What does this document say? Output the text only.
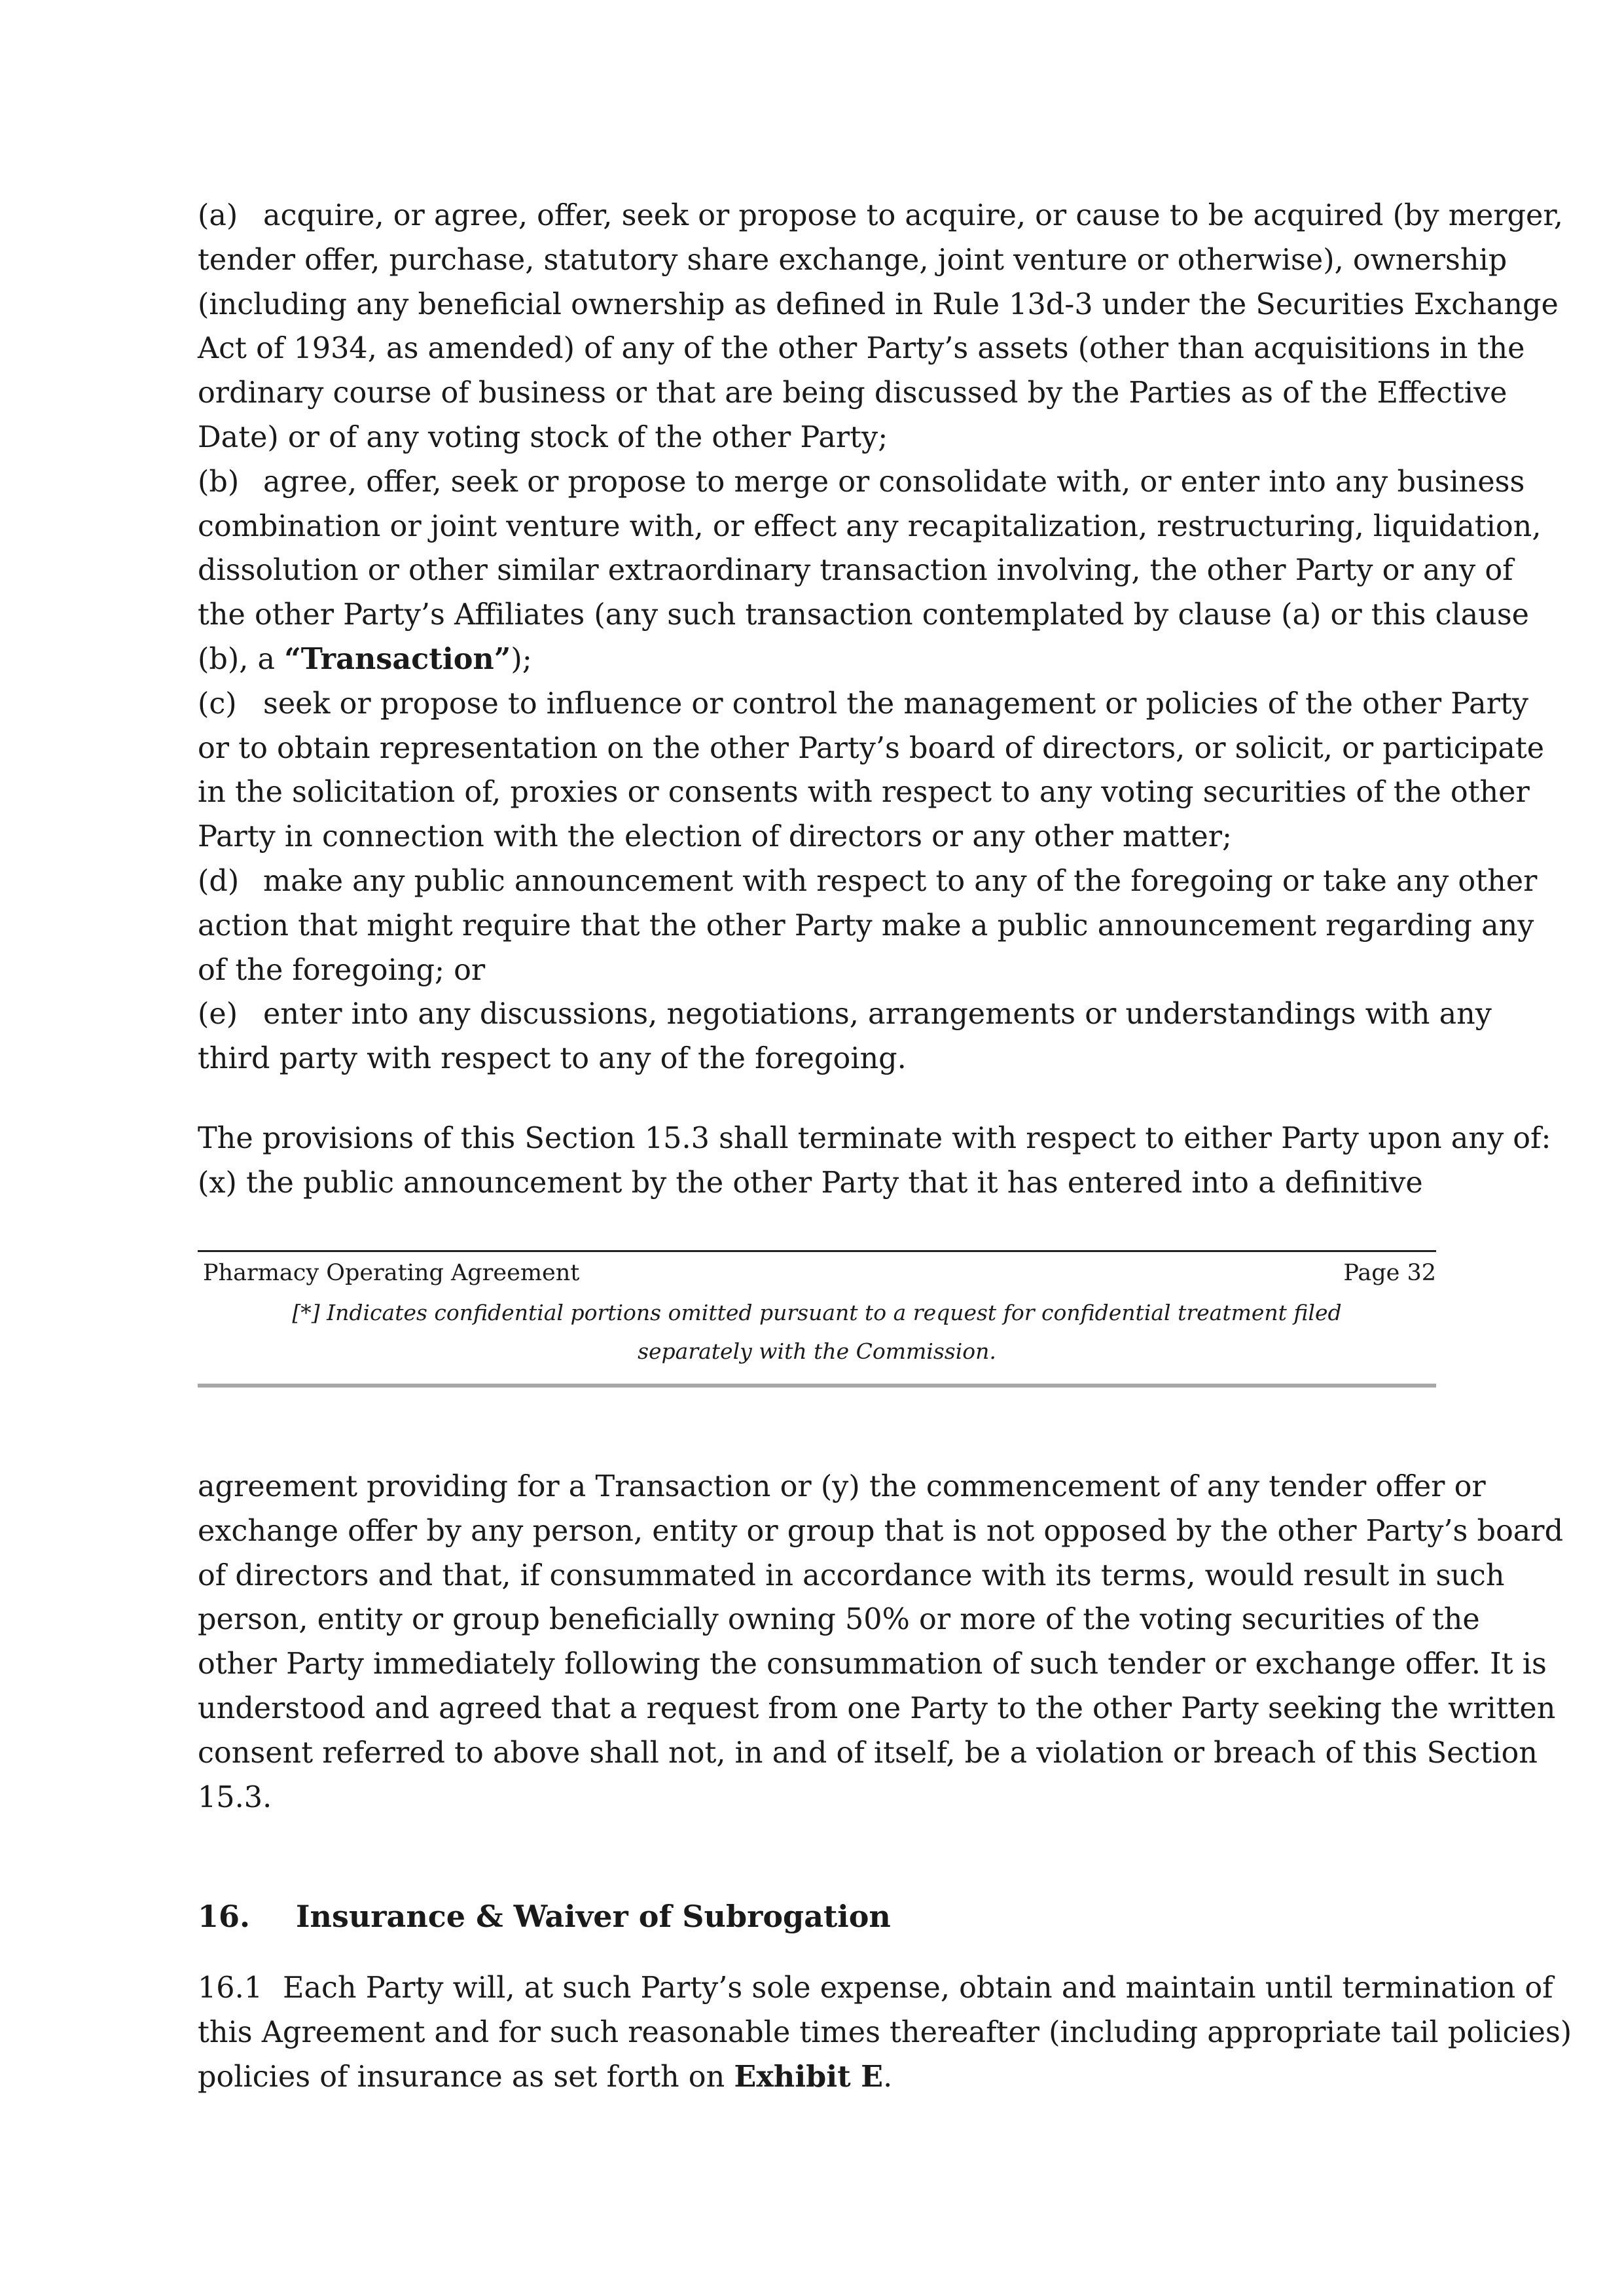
(a) acquire, or agree, offer, seek or propose to acquire, or cause to be acquired (by merger,
tender offer, purchase, statutory share exchange, joint venture or otherwise), ownership
(including any beneficial ownership as defined in Rule 13d-3 under the Securities Exchange
Act of 1934, as amended) of any of the other Party’s assets (other than acquisitions in the
ordinary course of business or that are being discussed by the Parties as of the Effective
Date) or of any voting stock of the other Party;

(b) agree, offer, seek or propose to merge or consolidate with, or enter into any business
combination or joint venture with, or effect any recapitalization, restructuring, liquidation,
dissolution or other similar extraordinary transaction involving, the other Party or any of
the other Party’s Affiliates (any such transaction contemplated by clause (a) or this clause
(b), a “Transaction”);

(c) seek or propose to influence or control the management or policies of the other Party
or to obtain representation on the other Party’s board of directors, or solicit, or participate
in the solicitation of, proxies or consents with respect to any voting securities of the other
Party in connection with the election of directors or any other matter;

(d) make any public announcement with respect to any of the foregoing or take any other
action that might require that the other Party make a public announcement regarding any
of the foregoing; or

(e) enter into any discussions, negotiations, arrangements or understandings with any
third party with respect to any of the foregoing.

The provisions of this Section 15.3 shall terminate with respect to either Party upon any of:
(x) the public announcement by the other Party that it has entered into a definitive
Pharmacy Operating Agreement	Page 32
[*] Indicates confidential portions omitted pursuant to a request for confidential treatment filed
separately with the Commission.
agreement providing for a Transaction or (y) the commencement of any tender offer or
exchange offer by any person, entity or group that is not opposed by the other Party’s board
of directors and that, if consummated in accordance with its terms, would result in such
person, entity or group beneficially owning 50% or more of the voting securities of the
other Party immediately following the consummation of such tender or exchange offer. It is
understood and agreed that a request from one Party to the other Party seeking the written
consent referred to above shall not, in and of itself, be a violation or breach of this Section
15.3.
16. Insurance & Waiver of Subrogation
16.1 Each Party will, at such Party’s sole expense, obtain and maintain until termination of
this Agreement and for such reasonable times thereafter (including appropriate tail policies)
policies of insurance as set forth on Exhibit E.
